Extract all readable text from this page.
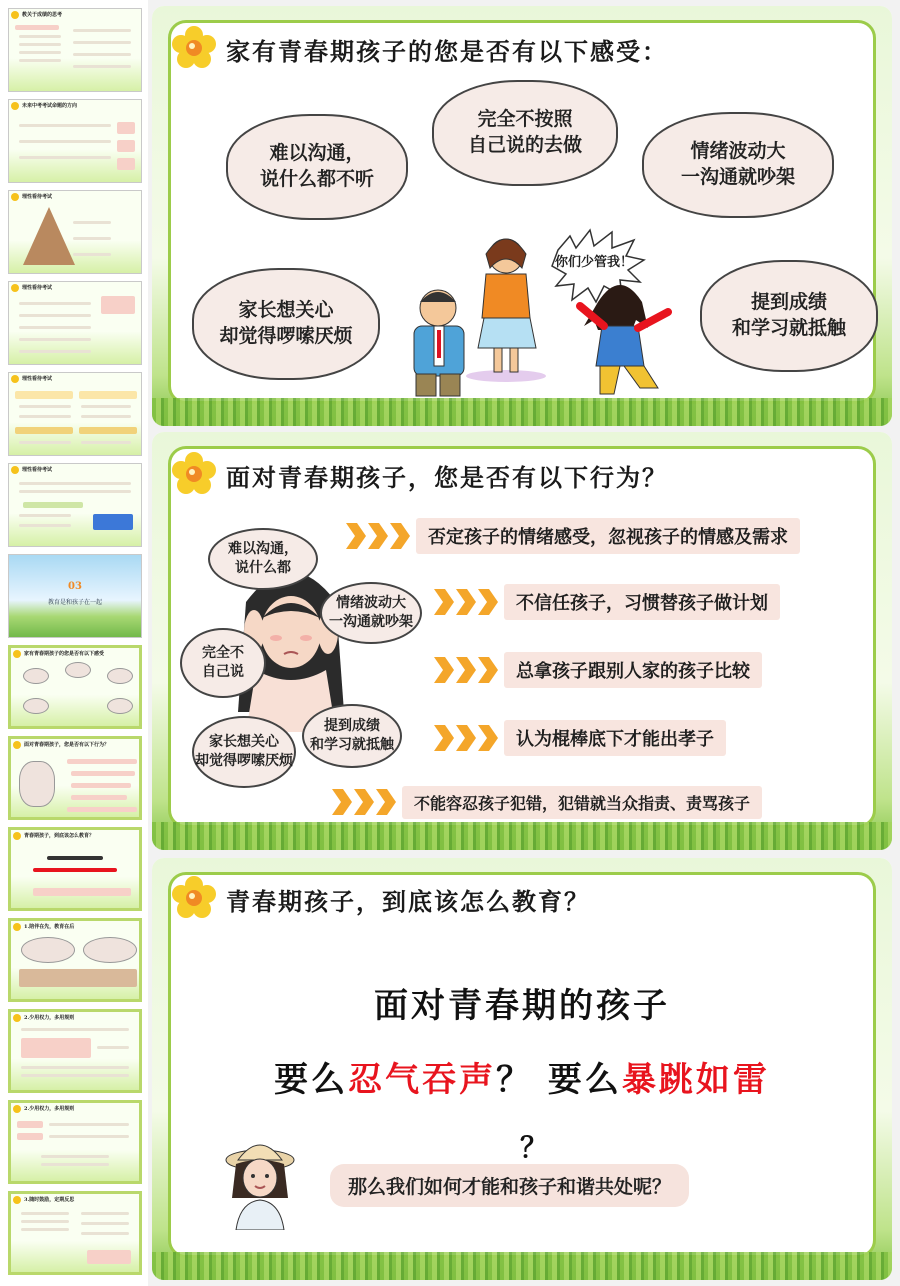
教关于成绩的思考
未来中考考试命题的方向
理性看待考试
理性看待考试
理性看待考试
理性看待考试
03
教育是和孩子在一起
家有青春期孩子的您是否有以下感受
面对青春期孩子，您是否有以下行为？
青春期孩子，到底该怎么教育？
1.陪伴在先，教育在后
2.少用权力，多用规则
2.少用权力，多用规则
3.随时鼓励，定期反思
家有青春期孩子的您是否有以下感受：
难以沟通，
说什么都不听
完全不按照
自己说的去做	情绪波动大
一沟通就吵架
家长想关心
却觉得啰嗦厌烦
提到成绩
和学习就抵触
你们少管我！
面对青春期孩子，您是否有以下行为？
难以沟通，
说什么都
情绪波动大
一沟通就吵架
完全不
自己说
家长想关心
却觉得啰嗦厌烦
提到成绩
和学习就抵触
否定孩子的情绪感受，忽视孩子的情感及需求
不信任孩子，习惯替孩子做计划
总拿孩子跟别人家的孩子比较
认为棍棒底下才能出孝子
不能容忍孩子犯错，犯错就当众指责、责骂孩子
青春期孩子，到底该怎么教育？
面对青春期的孩子
要么忍气吞声？ 要么暴跳如雷
？
那么我们如何才能和孩子和谐共处呢？
